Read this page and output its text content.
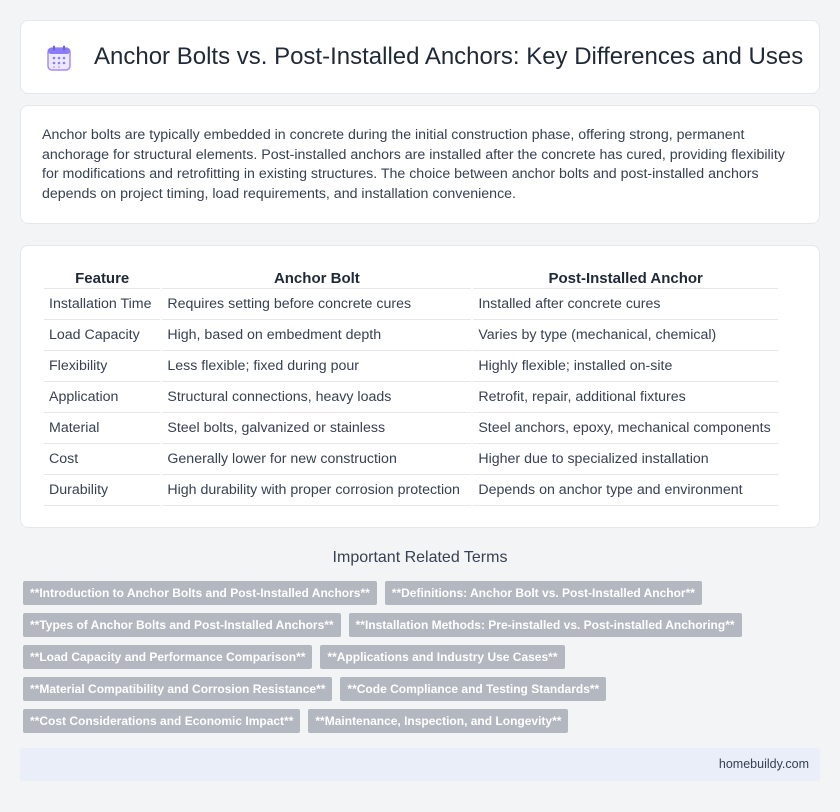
Anchor Bolts vs. Post-Installed Anchors: Key Differences and Uses

Anchor bolts are typically embedded in concrete during the initial construction phase, offering strong, permanent anchorage for structural elements. Post-installed anchors are installed after the concrete has cured, providing flexibility for modifications and retrofitting in existing structures. The choice between anchor bolts and post-installed anchors depends on project timing, load requirements, and installation convenience.

Feature	Anchor Bolt	Post-Installed Anchor
Installation Time	Requires setting before concrete cures	Installed after concrete cures
Load Capacity	High, based on embedment depth	Varies by type (mechanical, chemical)
Flexibility	Less flexible; fixed during pour	Highly flexible; installed on-site
Application	Structural connections, heavy loads	Retrofit, repair, additional fixtures
Material	Steel bolts, galvanized or stainless	Steel anchors, epoxy, mechanical components
Cost	Generally lower for new construction	Higher due to specialized installation
Durability	High durability with proper corrosion protection	Depends on anchor type and environment
Important Related Terms
**Introduction to Anchor Bolts and Post-Installed Anchors**	**Definitions: Anchor Bolt vs. Post-Installed Anchor**
**Types of Anchor Bolts and Post-Installed Anchors**	**Installation Methods: Pre-installed vs. Post-installed Anchoring**
**Load Capacity and Performance Comparison**	**Applications and Industry Use Cases**
**Material Compatibility and Corrosion Resistance**	**Code Compliance and Testing Standards**
**Cost Considerations and Economic Impact**	**Maintenance, Inspection, and Longevity**
homebuildy.com
